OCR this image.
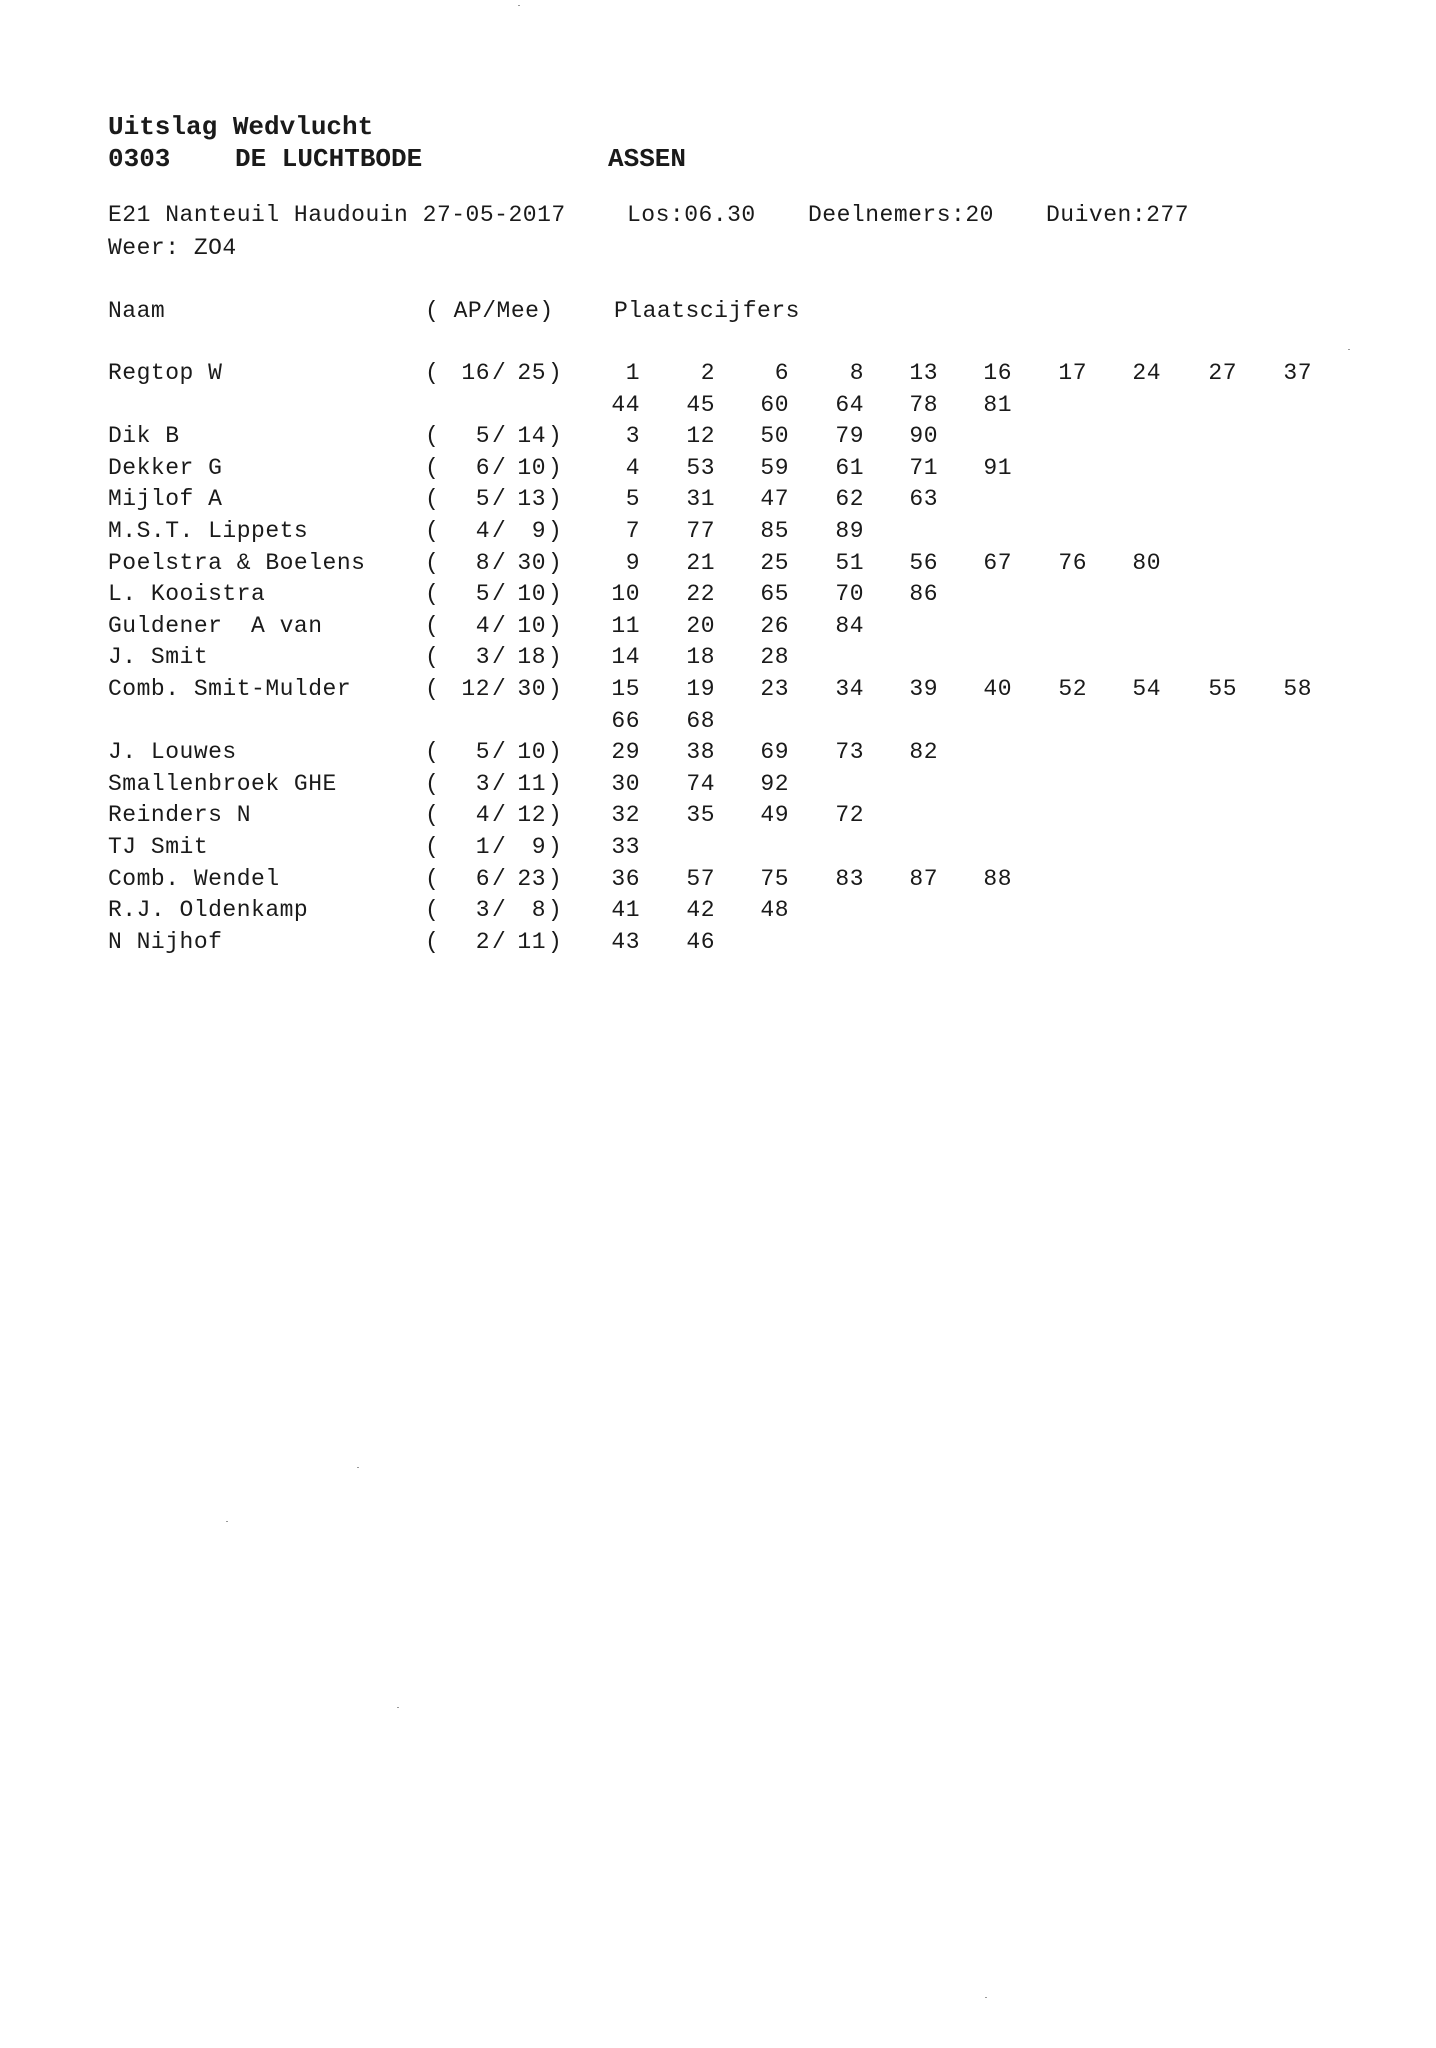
Uitslag Wedvlucht
0303 DE LUCHTBODE	ASSEN
E21 Nanteuil Haudouin 27-05-2017	Los:06.30 Deelnemers:20 Duiven:277
Weer: ZO4
Naam	( AP/Mee)	Plaatscijfers
Regtop W	( 16 / 25 )	1	2	6	8	13	16	17	24	27	37
44	45	60	64	78	81
Dik B	(	5 / 14 )	3	12	50	79	90
Dekker G	(	6 / 10 )	4	53	59	61	71	91
Mijlof A	(	5 / 13 )	5	31	47	62	63
M.S.T. Lippets	(	4 /	9 )	7	77	85	89
Poelstra & Boelens	(	8 / 30 )	9	21	25	51	56	67	76	80
L. Kooistra	(	5 / 10 )	10	22	65	70	86
Guldener  A van	(	4 / 10 )	11	20	26	84
J. Smit	(	3 / 18 )	14	18	28
Comb. Smit-Mulder	( 12 / 30 )	15	19	23	34	39	40	52	54	55	58
66	68
J. Louwes	(	5 / 10 )	29	38	69	73	82
Smallenbroek GHE	(	3 / 11 )	30	74	92
Reinders N	(	4 / 12 )	32	35	49	72
TJ Smit	(	1 /	9 )	33
Comb. Wendel	(	6 / 23 )	36	57	75	83	87	88
R.J. Oldenkamp	(	3 /	8 )	41	42	48
N Nijhof	(	2 / 11 )	43	46
